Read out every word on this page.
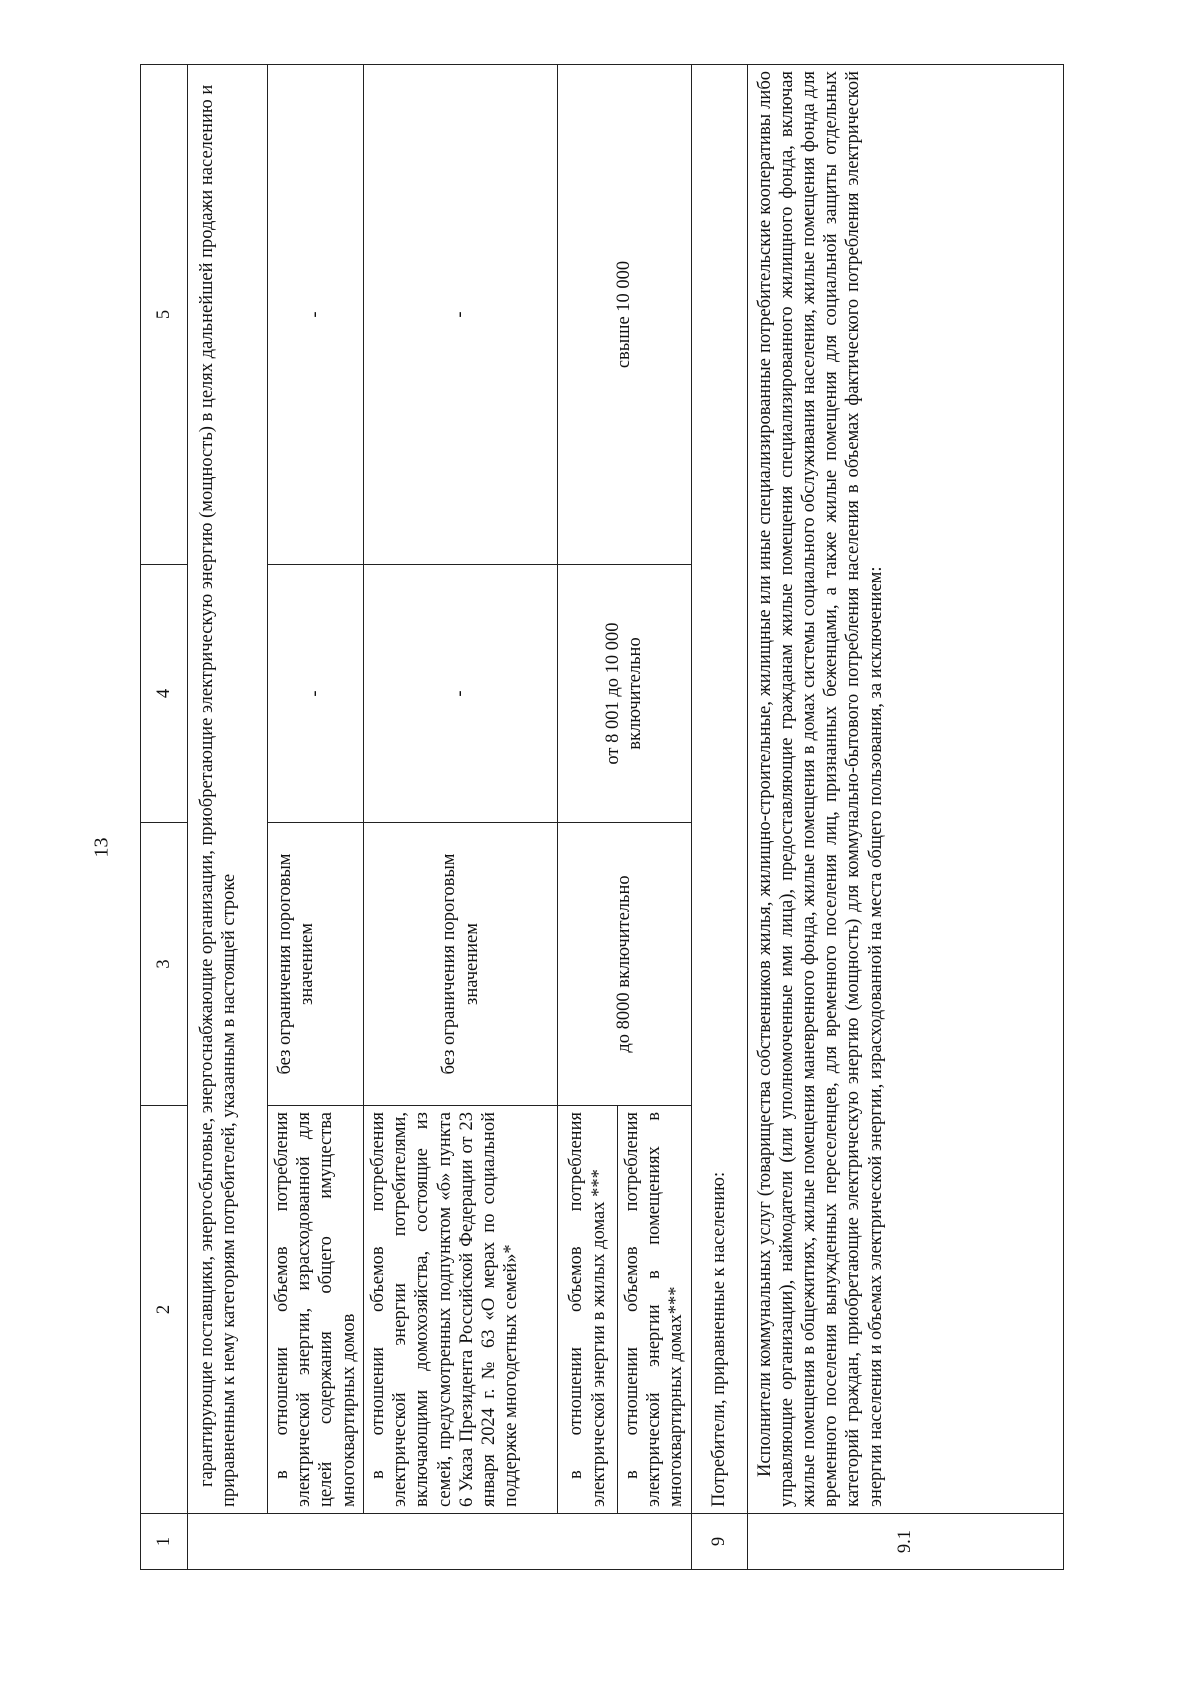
13
1	2	3	4	5
	гарантирующие поставщики, энергосбытовые, энергоснабжающие организации, приобретающие электрическую энергию (мощность) в целях дальнейшей продажи населению и приравненным к нему категориям потребителей, указанным в настоящей строке			
	в отношении объемов потребления электрической энергии, израсходованной для целей содержания общего имущества многоквартирных домов	без ограничения пороговым значением	-	-
	в отношении объемов потребления электрической энергии потребителями, включающими домохозяйства, состоящие из семей, предусмотренных подпунктом «б» пункта 6 Указа Президента Российской Федерации от 23 января 2024 г. № 63 «О мерах по социальной поддержке многодетных семей»*	без ограничения пороговым значением	-	-
	в отношении объемов потребления электрической энергии в жилых домах ***	до 8000 включительно	от 8 001 до 10 000 включительно	свыше 10 000
	в отношении объемов потребления электрической энергии в помещениях в многоквартирных домах***			
9	Потребители, приравненные к населению:			
9.1	Исполнители коммунальных услуг (товарищества собственников жилья, жилищно-строительные, жилищные или иные специализированные потребительские кооперативы либо управляющие организации), наймодатели (или уполномоченные ими лица), предоставляющие гражданам жилые помещения специализированного жилищного фонда, включая жилые помещения в общежитиях, жилые помещения маневренного фонда, жилые помещения в домах системы социального обслуживания населения, жилые помещения фонда для временного поселения вынужденных переселенцев, для временного поселения лиц, признанных беженцами, а также жилые помещения для социальной защиты отдельных категорий граждан, приобретающие электрическую энергию (мощность) для коммунально-бытового потребления населения в объемах фактического потребления электрической энергии населения и объемах электрической энергии, израсходованной на места общего пользования, за исключением:			
